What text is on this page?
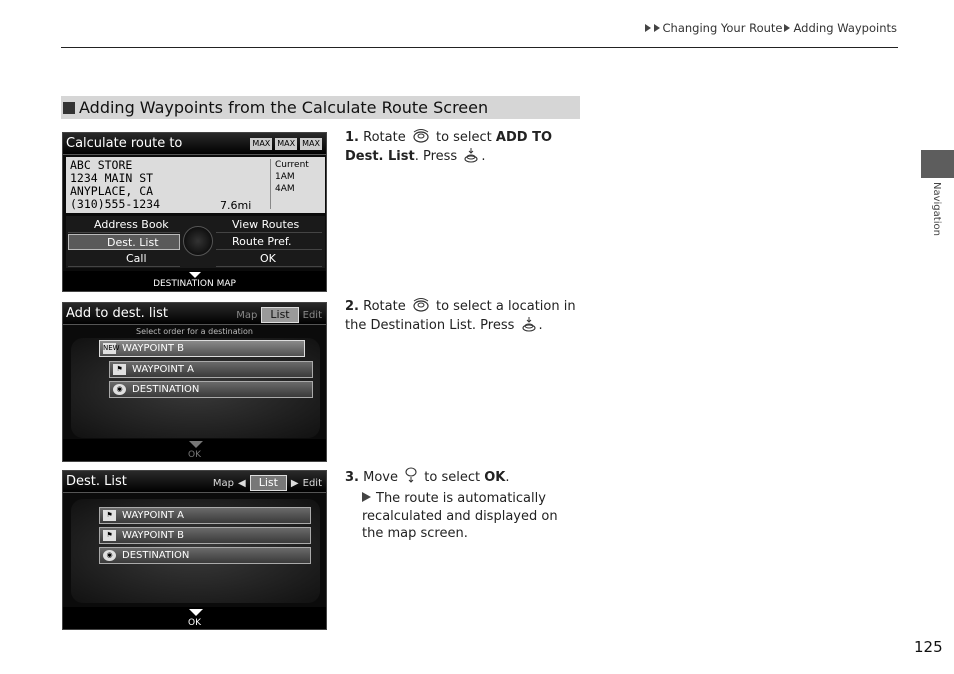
Changing Your Route Adding Waypoints
Navigation
Adding Waypoints from the Calculate Route Screen
Calculate route to	MAX MAX MAX
ABC STORE
1234 MAIN ST
ANYPLACE, CA
(310)555-1234
Current
1AM
4AM
7.6mi
Address Book	View Routes
Dest. List	Route Pref.
Call	OK
DESTINATION MAP
Add to dest. list	Map	List	Edit
Select order for a destination
NEW WAYPOINT B
⚑ WAYPOINT A
◉ DESTINATION
OK
Dest. List	Map ◀	List	▶ Edit
⚑ WAYPOINT A
⚑ WAYPOINT B
◉ DESTINATION
OK
1. Rotate to select ADD TO Dest. List. Press .
2. Rotate to select a location in the Destination List. Press .
3. Move to select OK.
The route is automatically recalculated and displayed on the map screen.
125
